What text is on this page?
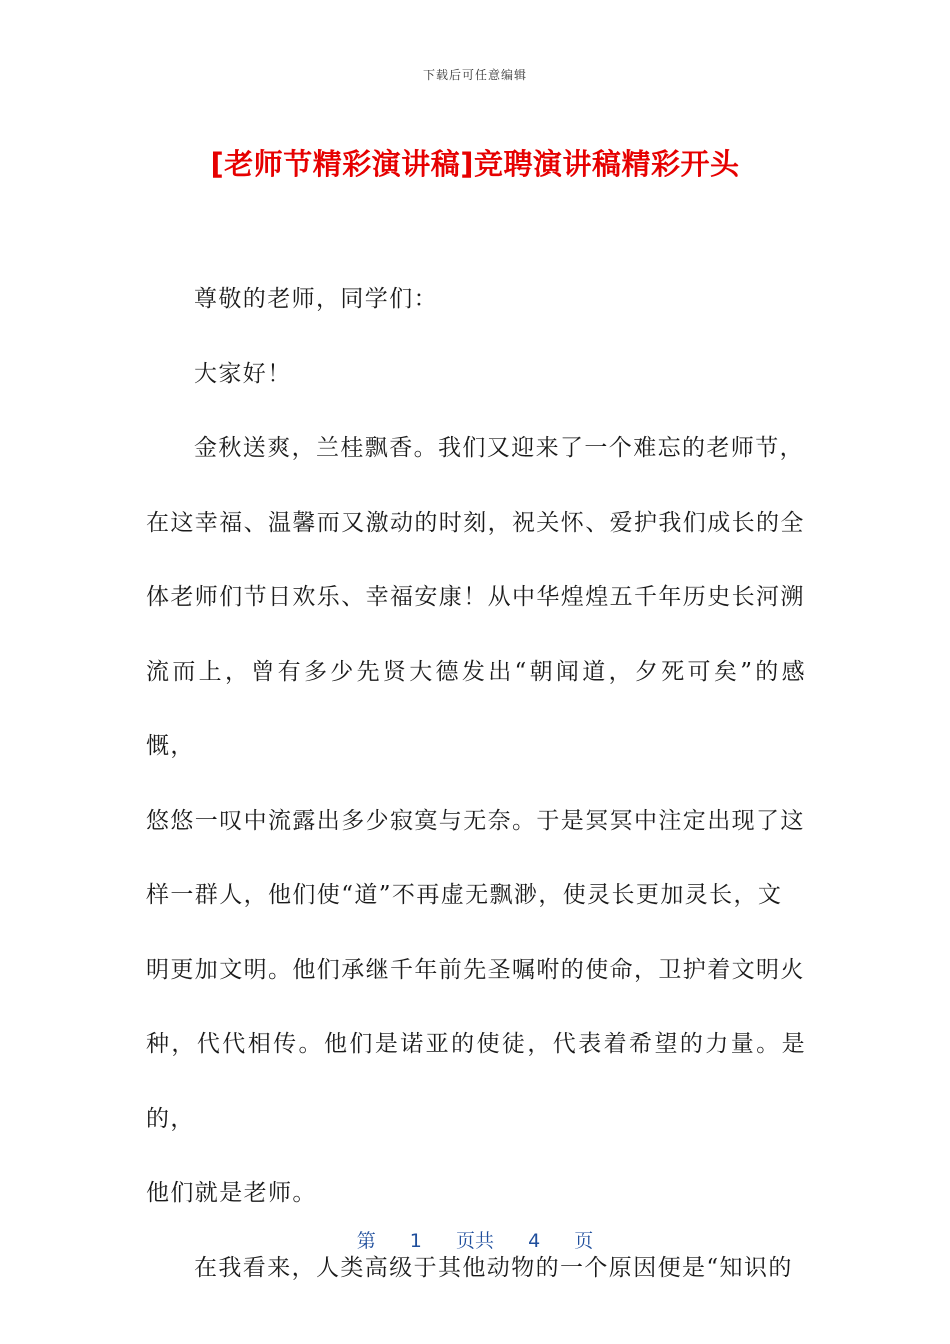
下载后可任意编辑
[老师节精彩演讲稿]竞聘演讲稿精彩开头

尊敬的老师，同学们：

大家好！

金秋送爽，兰桂飘香。我们又迎来了一个难忘的老师节，

在这幸福、温馨而又激动的时刻，祝关怀、爱护我们成长的全

体老师们节日欢乐、幸福安康！从中华煌煌五千年历史长河溯

流而上，曾有多少先贤大德发出“朝闻道，夕死可矣”的感慨，

悠悠一叹中流露出多少寂寞与无奈。于是冥冥中注定出现了这

样一群人，他们使“道”不再虚无飘渺，使灵长更加灵长，文

明更加文明。他们承继千年前先圣嘱咐的使命，卫护着文明火

种，代代相传。他们是诺亚的使徒，代表着希望的力量。是的，

他们就是老师。

在我看来，人类高级于其他动物的一个原因便是“知识的

第 1 页共 4 页
